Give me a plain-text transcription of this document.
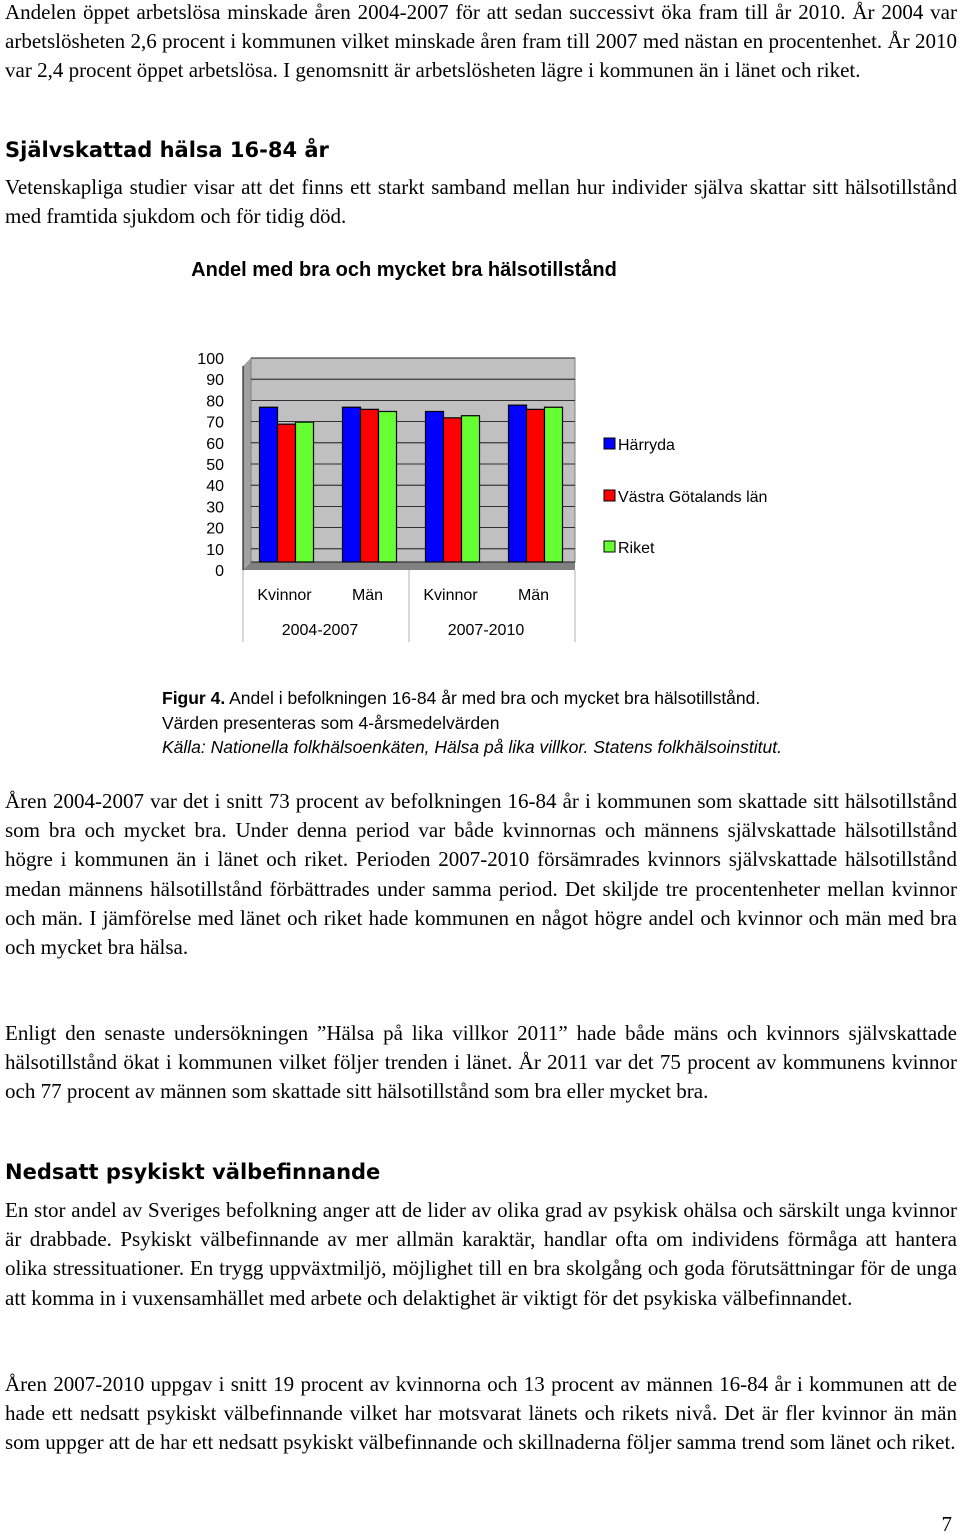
Andelen öppet arbetslösa minskade åren 2004-2007 för att sedan successivt öka fram till år 2010. År 2004 var arbetslösheten 2,6 procent i kommunen vilket minskade åren fram till 2007 med nästan en procentenhet. År 2010 var 2,4 procent öppet arbetslösa. I genomsnitt är arbetslösheten lägre i kommunen än i länet och riket.

Självskattad hälsa 16-84 år

Vetenskapliga studier visar att det finns ett starkt samband mellan hur individer själva skattar sitt hälsotillstånd med framtida sjukdom och för tidig död.

Andel med bra och mycket bra hälsotillstånd
100
90
80
70
60
50
40
30
20
10
0
Kvinnor	Män	Kvinnor	Män
2004-2007	2007-2010
Härryda
Västra Götalands län
Riket
Figur 4. Andel i befolkningen 16-84 år med bra och mycket bra hälsotillstånd.
Värden presenteras som 4-årsmedelvärden
Källa: Nationella folkhälsoenkäten, Hälsa på lika villkor. Statens folkhälsoinstitut.

Åren 2004-2007 var det i snitt 73 procent av befolkningen 16-84 år i kommunen som skattade sitt hälsotillstånd som bra och mycket bra. Under denna period var både kvinnornas och männens självskattade hälsotillstånd högre i kommunen än i länet och riket. Perioden 2007-2010 försämrades kvinnors självskattade hälsotillstånd medan männens hälsotillstånd förbättrades under samma period. Det skiljde tre procentenheter mellan kvinnor och män. I jämförelse med länet och riket hade kommunen en något högre andel och kvinnor och män med bra och mycket bra hälsa.

Enligt den senaste undersökningen ”Hälsa på lika villkor 2011” hade både mäns och kvinnors självskattade hälsotillstånd ökat i kommunen vilket följer trenden i länet. År 2011 var det 75 procent av kommunens kvinnor och 77 procent av männen som skattade sitt hälsotillstånd som bra eller mycket bra.

Nedsatt psykiskt välbefinnande

En stor andel av Sveriges befolkning anger att de lider av olika grad av psykisk ohälsa och särskilt unga kvinnor är drabbade. Psykiskt välbefinnande av mer allmän karaktär, handlar ofta om individens förmåga att hantera olika stressituationer. En trygg uppväxtmiljö, möjlighet till en bra skolgång och goda förutsättningar för de unga att komma in i vuxensamhället med arbete och delaktighet är viktigt för det psykiska välbefinnandet.

Åren 2007-2010 uppgav i snitt 19 procent av kvinnorna och 13 procent av männen 16-84 år i kommunen att de hade ett nedsatt psykiskt välbefinnande vilket har motsvarat länets och rikets nivå. Det är fler kvinnor än män som uppger att de har ett nedsatt psykiskt välbefinnande och skillnaderna följer samma trend som länet och riket.

7
